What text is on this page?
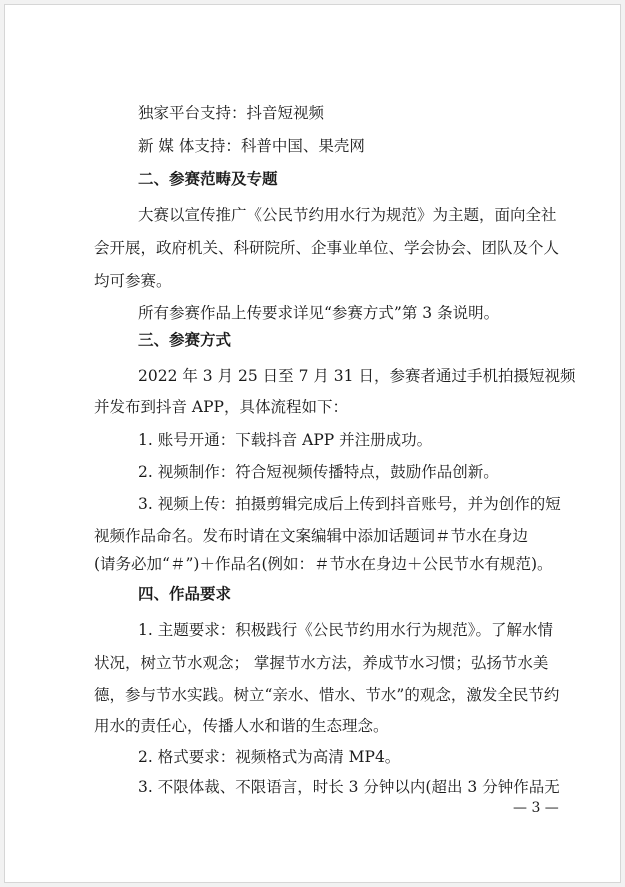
独家平台支持：抖音短视频
新 媒 体支持：科普中国、果壳网
二、参赛范畴及专题
大赛以宣传推广《公民节约用水行为规范》为主题，面向全社
会开展，政府机关、科研院所、企事业单位、学会协会、团队及个人
均可参赛。
所有参赛作品上传要求详见“参赛方式”第 3 条说明。
三、参赛方式
2022 年 3 月 25 日至 7 月 31 日，参赛者通过手机拍摄短视频
并发布到抖音 APP，具体流程如下：
1. 账号开通：下载抖音 APP 并注册成功。
2. 视频制作：符合短视频传播特点，鼓励作品创新。
3. 视频上传：拍摄剪辑完成后上传到抖音账号，并为创作的短
视频作品命名。发布时请在文案编辑中添加话题词＃节水在身边
(请务必加“＃”)＋作品名(例如：＃节水在身边＋公民节水有规范)。
四、作品要求
1. 主题要求：积极践行《公民节约用水行为规范》。了解水情
状况，树立节水观念； 掌握节水方法，养成节水习惯；弘扬节水美
德，参与节水实践。树立“亲水、惜水、节水”的观念，激发全民节约
用水的责任心，传播人水和谐的生态理念。
2. 格式要求：视频格式为高清 MP4。
3. 不限体裁、不限语言，时长 3 分钟以内(超出 3 分钟作品无
— 3 —
